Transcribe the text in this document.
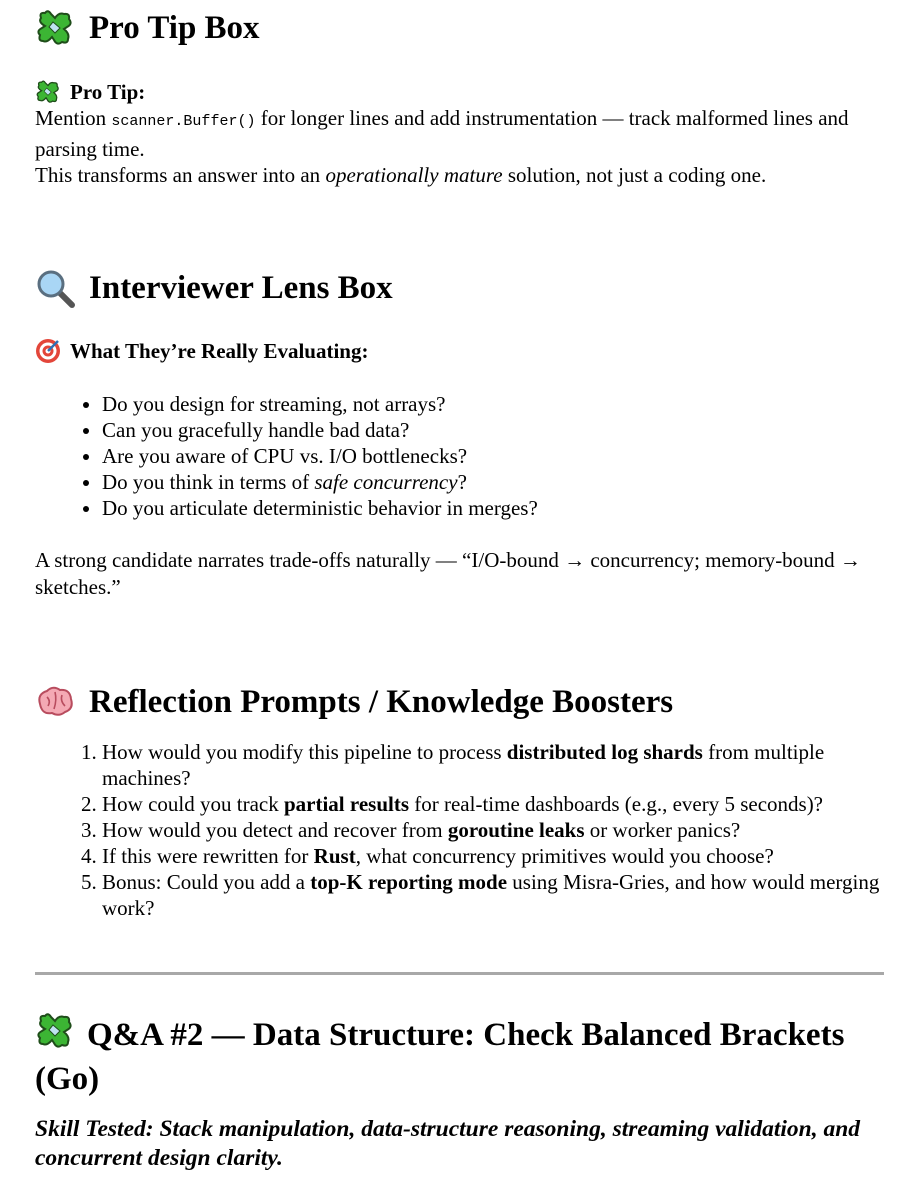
Pro Tip Box
Pro Tip:

Mention scanner.Buffer() for longer lines and add instrumentation — track malformed lines and parsing time.

This transforms an answer into an operationally mature solution, not just a coding one.

Interviewer Lens Box
What They’re Really Evaluating:
• Do you design for streaming, not arrays?
• Can you gracefully handle bad data?
• Are you aware of CPU vs. I/O bottlenecks?
• Do you think in terms of safe concurrency?
• Do you articulate deterministic behavior in merges?

A strong candidate narrates trade-offs naturally — “I/O-bound → concurrency; memory-bound → sketches.”

Reflection Prompts / Knowledge Boosters
1. How would you modify this pipeline to process distributed log shards from multiple machines?
2. How could you track partial results for real-time dashboards (e.g., every 5 seconds)?
3. How would you detect and recover from goroutine leaks or worker panics?
4. If this were rewritten for Rust, what concurrency primitives would you choose?
5. Bonus: Could you add a top-K reporting mode using Misra-Gries, and how would merging work?
Q&A #2 — Data Structure: Check Balanced Brackets (Go)

Skill Tested: Stack manipulation, data-structure reasoning, streaming validation, and concurrent design clarity.
